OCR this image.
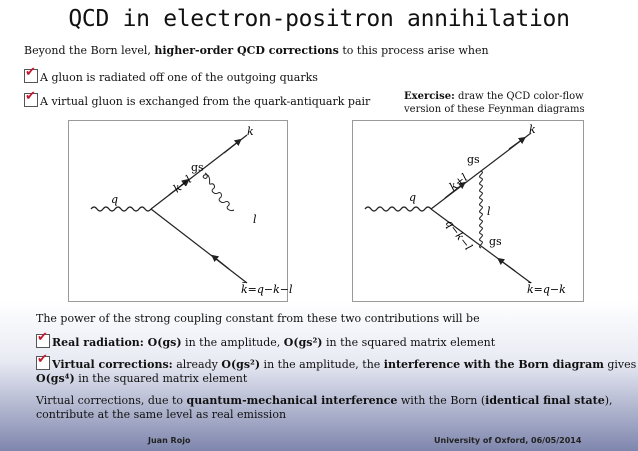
QCD in electron-positron annihilation
Beyond the Born level, higher-order QCD corrections to this process arise when
✔A gluon is radiated off one of the outgoing quarks
✔A virtual gluon is exchanged from the quark-antiquark pair	Exercise: draw the QCD color-flow
version of these Feynman diagrams
q
k
k+l
gs
l
k̄=q−k−l
q
k
k+l
gs
l
q−k−l gs
k̄=q−k
The power of the strong coupling constant from these two contributions will be
✔Real radiation: O(gs) in the amplitude, O(gs²) in the squared matrix element
✔Virtual corrections: already O(gs²) in the amplitude, the interference with the Born diagram gives
O(gs⁴) in the squared matrix element
Virtual corrections, due to quantum-mechanical interference with the Born (identical final state),
contribute at the same level as real emission
Juan Rojo	University of Oxford, 06/05/2014
